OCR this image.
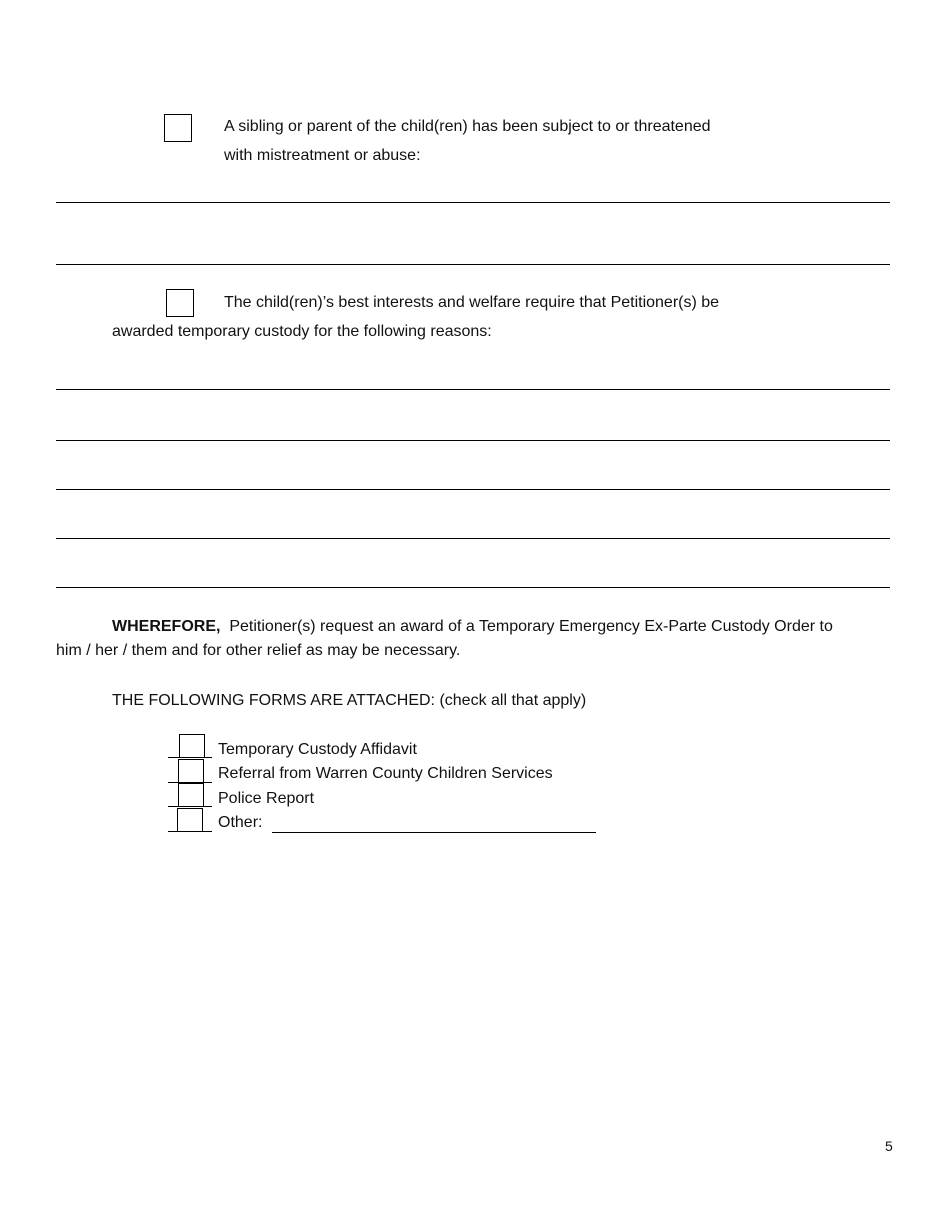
A sibling or parent of the child(ren) has been subject to or threatened
with mistreatment or abuse:
The child(ren)’s best interests and welfare require that Petitioner(s) be
awarded temporary custody for the following reasons:
WHEREFORE, Petitioner(s) request an award of a Temporary Emergency Ex-Parte Custody Order to
him / her / them and for other relief as may be necessary.
THE FOLLOWING FORMS ARE ATTACHED: (check all that apply)
Temporary Custody Affidavit
Referral from Warren County Children Services
Police Report
Other:
5
